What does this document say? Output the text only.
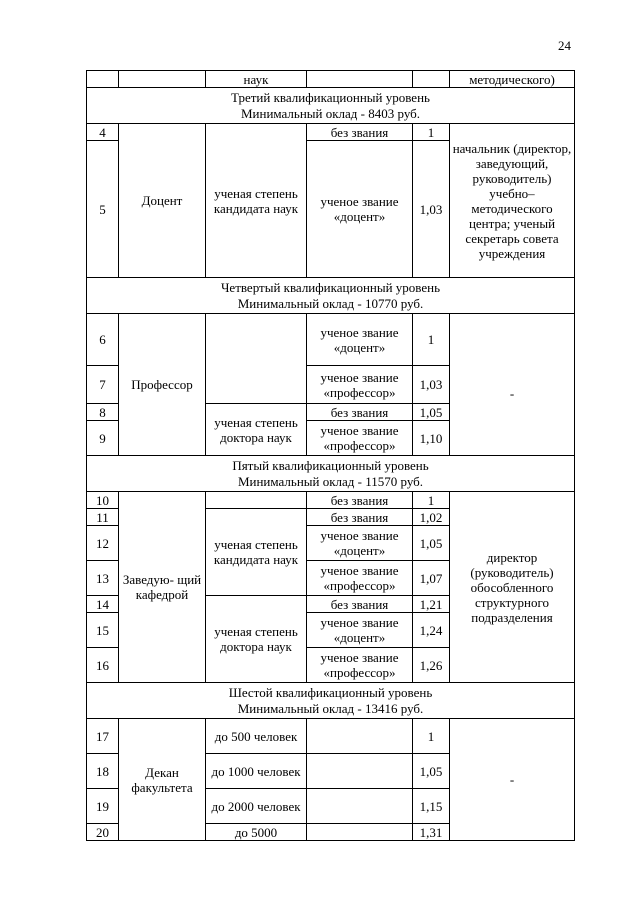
24
		наук			методического)

Третий квалификационный уровень
Минимальный оклад - 8403 руб.					

4	Доцент	ученая степень кандидата наук	без звания	1	начальник (директор, заведующий, руководитель) учебно– методического центра; ученый секретарь совета учреждения
5			ученое звание «доцент»	1,03	

Четвертый квалификационный уровень
Минимальный оклад - 10770 руб.					

6	Профессор		ученое звание «доцент»	1	-

7			ученое звание «профессор»	1,03	
8		ученая степень доктора наук	без звания	1,05	
9			ученое звание «профессор»	1,10	

Пятый квалификационный уровень
Минимальный оклад - 11570 руб.					

10	Заведую- щий кафедрой		без звания	1	директор (руководитель) обособленного структурного подразделения
11		ученая степень кандидата наук	без звания	1,02	
12			ученое звание «доцент»	1,05	
13			ученое звание «профессор»	1,07	
14		ученая степень доктора наук	без звания	1,21	
15			ученое звание «доцент»	1,24	
16			ученое звание «профессор»	1,26	

Шестой квалификационный уровень
Минимальный оклад - 13416 руб.					

17	Декан факультета	до 500 человек		1	-

18		до 1000 человек		1,05	
19		до 2000 человек		1,15	
20		до 5000		1,31	
